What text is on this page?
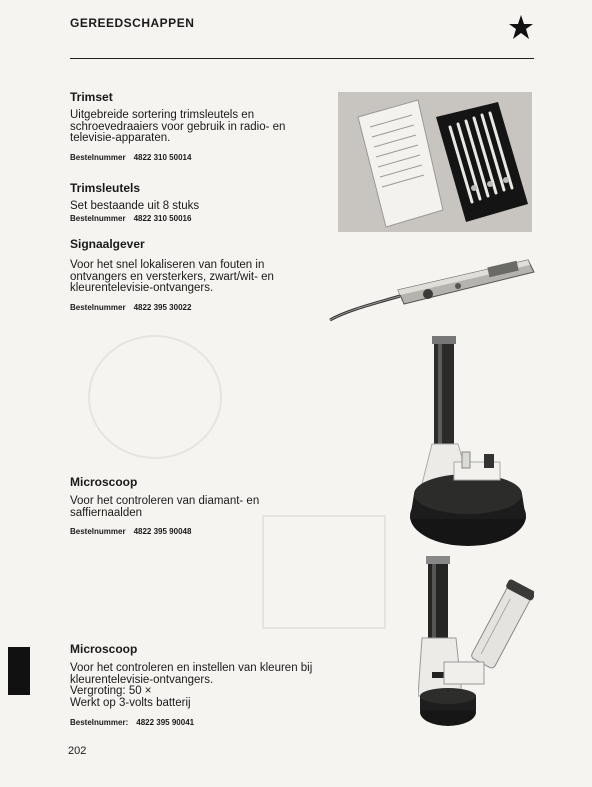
GEREEDSCHAPPEN
Trimset
Uitgebreide sortering trimsleutels en schroevedraaiers voor gebruik in radio- en televisie-apparaten.
Bestelnummer 4822 310 50014
Trimsleutels
Set bestaande uit 8 stuks
Bestelnummer 4822 310 50016
Signaalgever
Voor het snel lokaliseren van fouten in ontvangers en versterkers, zwart/wit- en kleurentelevisie-ontvangers.
Bestelnummer 4822 395 30022
Microscoop
Voor het controleren van diamant- en saffiernaalden
Bestelnummer 4822 395 90048
Microscoop
Voor het controleren en instellen van kleuren bij kleurentelevisie-ontvangers.
Vergroting: 50 ×
Werkt op 3-volts batterij
Bestelnummer: 4822 395 90041
202
